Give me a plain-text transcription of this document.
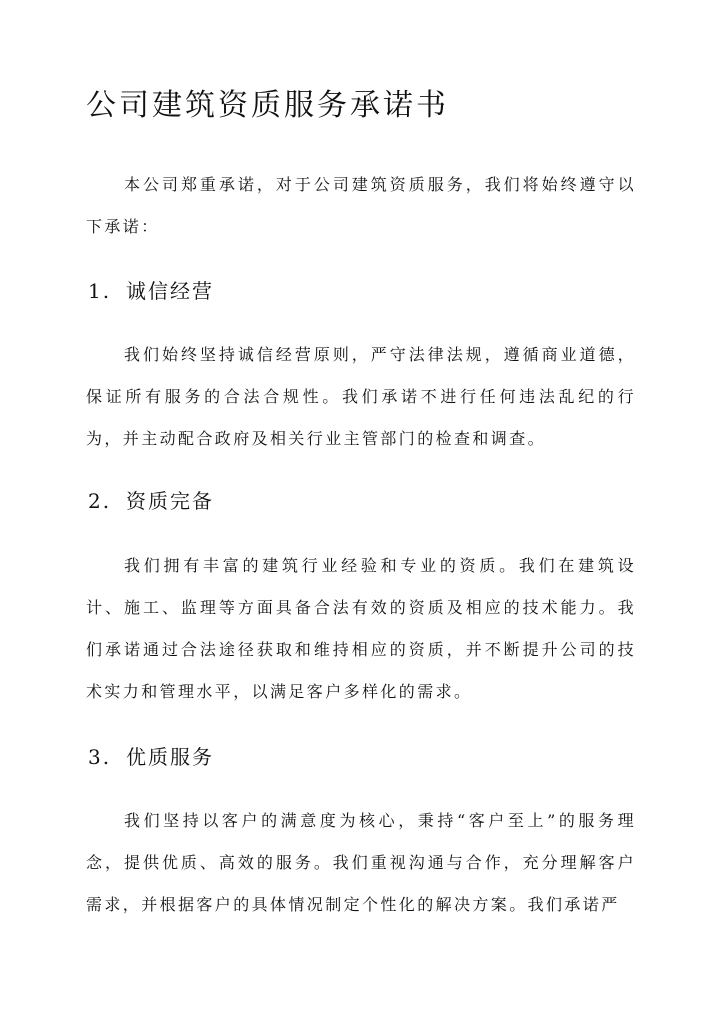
公司建筑资质服务承诺书

本公司郑重承诺，对于公司建筑资质服务，我们将始终遵守以下承诺：

1. 诚信经营

我们始终坚持诚信经营原则，严守法律法规，遵循商业道德，保证所有服务的合法合规性。我们承诺不进行任何违法乱纪的行为，并主动配合政府及相关行业主管部门的检查和调查。

2. 资质完备

我们拥有丰富的建筑行业经验和专业的资质。我们在建筑设计、施工、监理等方面具备合法有效的资质及相应的技术能力。我们承诺通过合法途径获取和维持相应的资质，并不断提升公司的技术实力和管理水平，以满足客户多样化的需求。

3. 优质服务

我们坚持以客户的满意度为核心，秉持“客户至上”的服务理念，提供优质、高效的服务。我们重视沟通与合作，充分理解客户需求，并根据客户的具体情况制定个性化的解决方案。我们承诺严
